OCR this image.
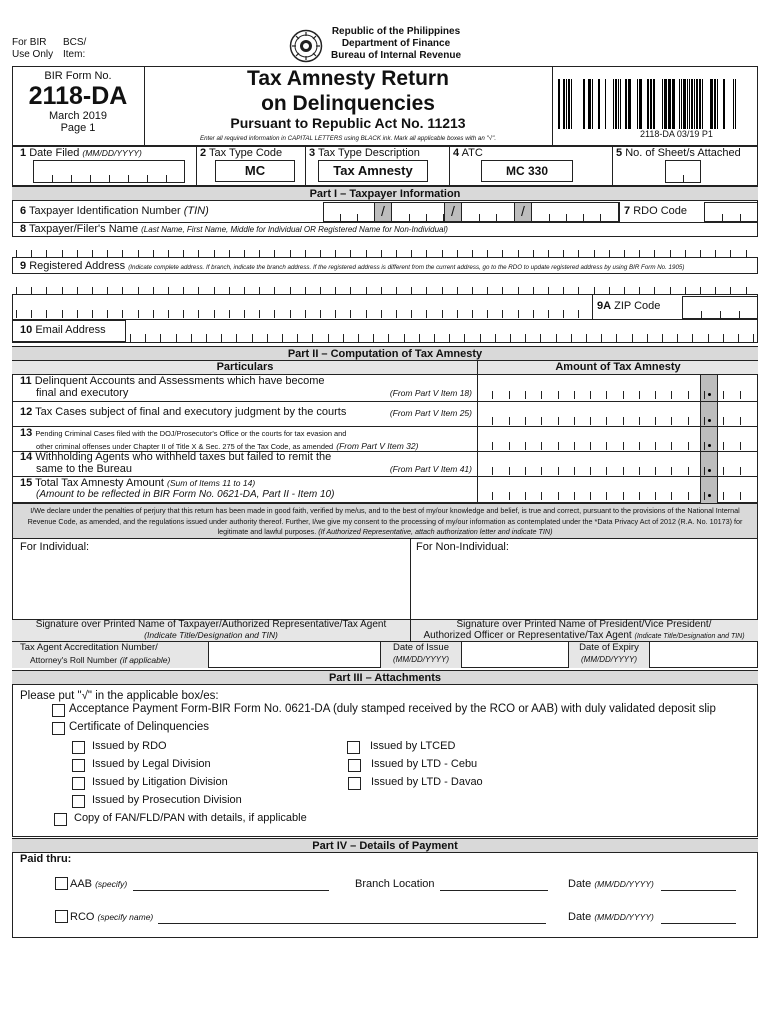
For BIR
Use Only
BCS/
Item:
Republic of the Philippines
Department of Finance
Bureau of Internal Revenue
BIR Form No.
2118-DA
March 2019
Page 1
Tax Amnesty Return
on Delinquencies
Pursuant to Republic Act No. 11213
Enter all required information in CAPITAL LETTERS using BLACK ink. Mark all applicable boxes with an "√".	2118-DA 03/19 P1
1 Date Filed (MM/DD/YYYY)	2 Tax Type Code
MC
3 Tax Type Description
Tax Amnesty
4 ATC
MC 330
5 No. of Sheet/s Attached
Part I – Taxpayer Information
6 Taxpayer Identification Number (TIN)	/	/	/	7 RDO Code
8 Taxpayer/Filer's Name (Last Name, First Name, Middle for Individual OR Registered Name for Non-Individual)
9 Registered Address (Indicate complete address. If branch, indicate the branch address. If the registered address is different from the current address, go to the RDO to update registered address by using BIR Form No. 1905)
9A ZIP Code
10 Email Address
Part II – Computation of Tax Amnesty
Particulars	Amount of Tax Amnesty
11 Delinquent Accounts and Assessments which have become
final and executory	(From Part V Item 18)
12 Tax Cases subject of final and executory judgment by the courts	(From Part V Item 25)
13 Pending Criminal Cases filed with the DOJ/Prosecutor's Office or the courts for tax evasion and
other criminal offenses under Chapter II of Title X & Sec. 275 of the Tax Code, as amended (From Part V Item 32)
14 Withholding Agents who withheld taxes but failed to remit the
same to the Bureau	(From Part V Item 41)
15 Total Tax Amnesty Amount (Sum of Items 11 to 14)
(Amount to be reflected in BIR Form No. 0621-DA, Part II - Item 10)
I/We declare under the penalties of perjury that this return has been made in good faith, verified by me/us, and to the best of my/our knowledge and belief, is true and correct, pursuant to the provisions of the National Internal Revenue Code, as amended, and the regulations issued under authority thereof. Further, I/we give my consent to the processing of my/our information as contemplated under the *Data Privacy Act of 2012 (R.A. No. 10173) for legitimate and lawful purposes. (If Authorized Representative, attach authorization letter and indicate TIN)
For Individual:	For Non-Individual:
Signature over Printed Name of Taxpayer/Authorized Representative/Tax Agent
(Indicate Title/Designation and TIN)
Signature over Printed Name of President/Vice President/
Authorized Officer or Representative/Tax Agent (Indicate Title/Designation and TIN)
Tax Agent Accreditation Number/
Attorney's Roll Number (if applicable)
Date of Issue
(MM/DD/YYYY)
Date of Expiry
(MM/DD/YYYY)
Part III – Attachments
Please put "√" in the applicable box/es:
Acceptance Payment Form-BIR Form No. 0621-DA (duly stamped received by the RCO or AAB) with duly validated deposit slip
Certificate of Delinquencies
Issued by RDO
Issued by Legal Division
Issued by Litigation Division
Issued by Prosecution Division
Issued by LTCED
Issued by LTD - Cebu
Issued by LTD - Davao
Copy of FAN/FLD/PAN with details, if applicable
Part IV – Details of Payment
Paid thru:
AAB (specify)	Branch Location	Date (MM/DD/YYYY)
RCO (specify name)	Date (MM/DD/YYYY)
